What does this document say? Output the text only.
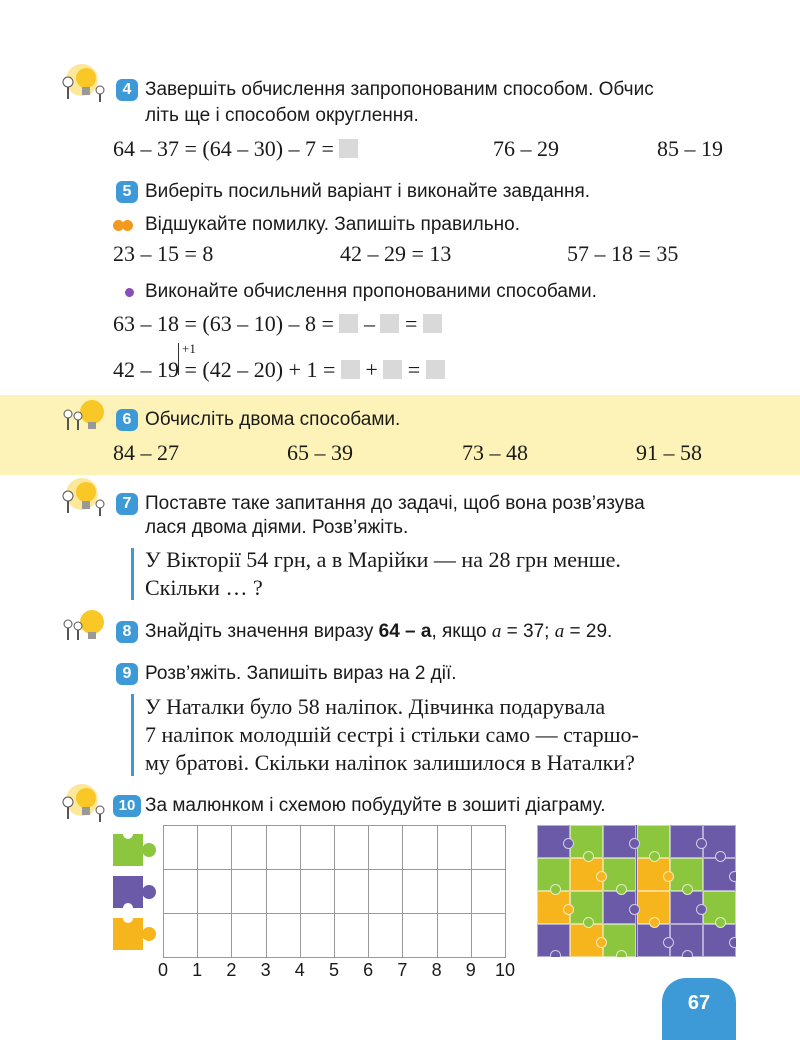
4 Завершіть обчислення запропонованим способом. Обчис
літь ще і способом округлення.
64 – 37 = (64 – 30) – 7 =	76 – 29	85 – 19
5 Виберіть посильний варіант і виконайте завдання.
Відшукайте помилку. Запишіть правильно.
23 – 15 = 8	42 – 29 = 13	57 – 18 = 35
Виконайте обчислення пропонованими способами.
63 – 18 = (63 – 10) – 8 = – =
+1
42 – 19 = (42 – 20) + 1 = + =
6 Обчисліть двома способами.
84 – 27	65 – 39	73 – 48	91 – 58
7 Поставте таке запитання до задачі, щоб вона розв’язува
лася двома діями. Розв’яжіть.
У Вікторії 54 грн, а в Марійки — на 28 грн менше.
Скільки … ?
8 Знайдіть значення виразу 64 – a, якщо a = 37; a = 29.
9 Розв’яжіть. Запишіть вираз на 2 дії.
У Наталки було 58 наліпок. Дівчинка подарувала
7 наліпок молодшій сестрі і стільки само — старшо-
му братові. Скільки наліпок залишилося в Наталки?
10 За малюнком і схемою побудуйте в зошиті діаграму.
0	1	2	3	4	5	6	7	8	9	10
67
